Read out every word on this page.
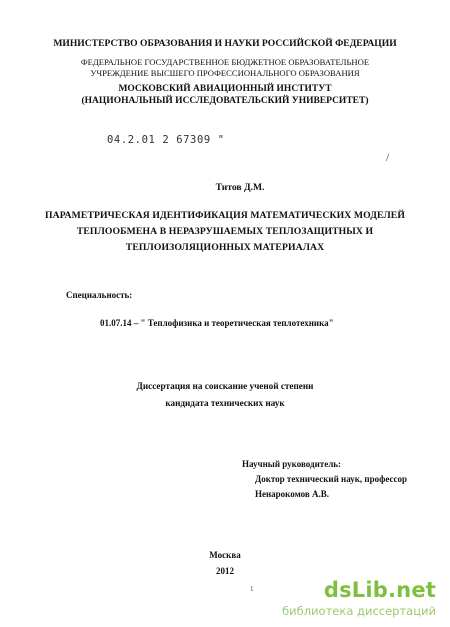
МИНИСТЕРСТВО ОБРАЗОВАНИЯ И НАУКИ РОССИЙСКОЙ ФЕДЕРАЦИИ
ФЕДЕРАЛЬНОЕ ГОСУДАРСТВЕННОЕ БЮДЖЕТНОЕ ОБРАЗОВАТЕЛЬНОЕ
УЧРЕЖДЕНИЕ ВЫСШЕГО ПРОФЕССИОНАЛЬНОГО ОБРАЗОВАНИЯ
МОСКОВСКИЙ АВИАЦИОННЫЙ ИНСТИТУТ
(НАЦИОНАЛЬНЫЙ ИССЛЕДОВАТЕЛЬСКИЙ УНИВЕРСИТЕТ)
04.2.01 2 67309 "
/
Титов Д.М.
ПАРАМЕТРИЧЕСКАЯ ИДЕНТИФИКАЦИЯ МАТЕМАТИЧЕСКИХ МОДЕЛЕЙ
ТЕПЛООБМЕНА В НЕРАЗРУШАЕМЫХ ТЕПЛОЗАЩИТНЫХ И
ТЕПЛОИЗОЛЯЦИОННЫХ МАТЕРИАЛАХ
Специальность:
01.07.14 – " Теплофизика и теоретическая теплотехника"
Диссертация на соискание ученой степени
кандидата технических наук
Научный руководитель:
Доктор технический наук, профессор
Ненарокомов А.В.
Москва
2012
1	dsLib.net
библиотека диссертаций
